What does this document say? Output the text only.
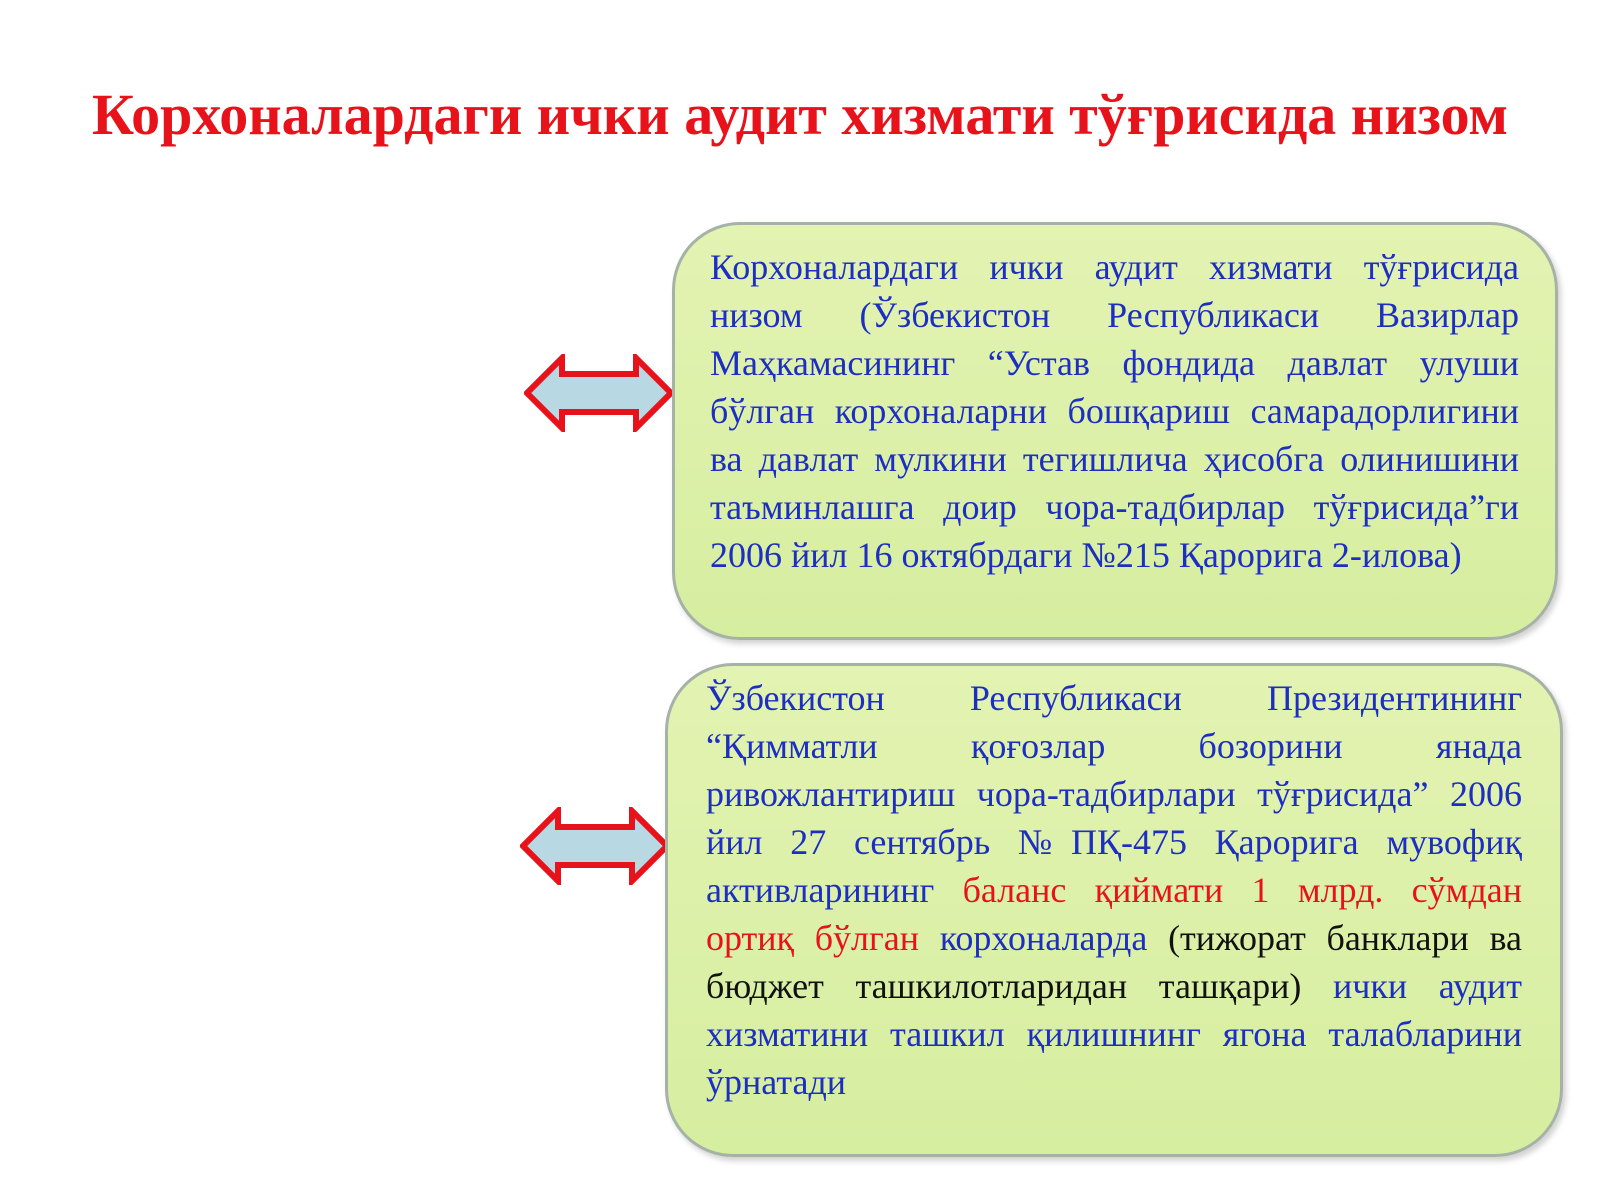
Корхоналардаги ички аудит хизмати тўғрисида низом

Корхоналардаги ички аудит хизмати тўғрисида низом (Ўзбекистон Республикаси Вазирлар Маҳкамасининг “Устав фондида давлат улуши бўлган корхоналарни бошқариш самарадорлигини ва давлат мулкини тегишлича ҳисобга олинишини таъминлашга доир чора-тадбирлар тўғрисида”ги 2006 йил 16 октябрдаги №215 Қарорига 2-илова)

Ўзбекистон Республикаси Президентининг “Қимматли қоғозлар бозорини янада ривожлантириш чора-тадбирлари тўғрисида” 2006 йил 27 сентябрь №ПҚ-475 Қарорига мувофиқ активларининг баланс қиймати 1 млрд. сўмдан ортиқ бўлган корхоналарда (тижорат банклари ва бюджет ташкилотларидан ташқари) ички аудит хизматини ташкил қилишнинг ягона талабларини ўрнатади
